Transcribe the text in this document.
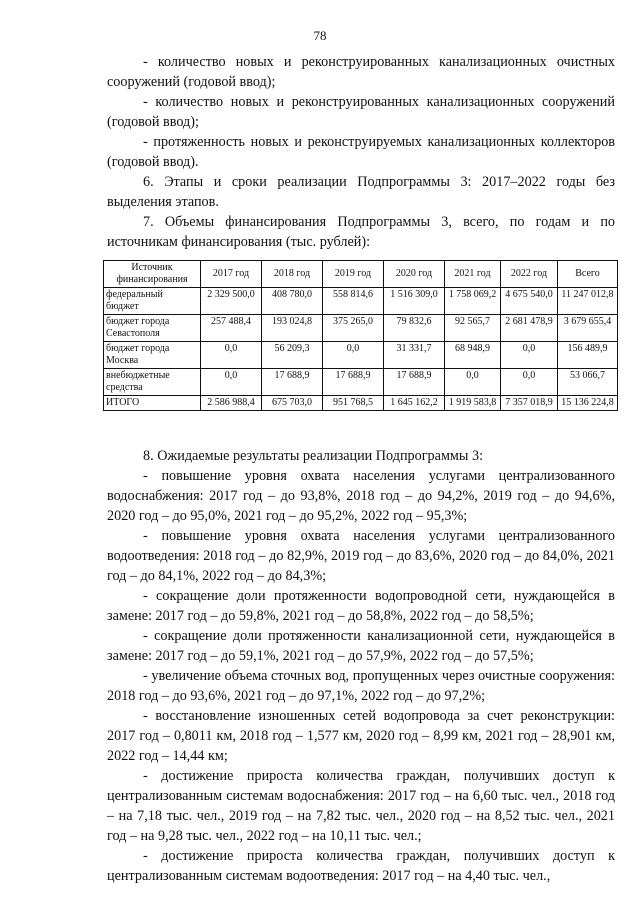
78

- количество новых и реконструированных канализационных очистных сооружений (годовой ввод);

- количество новых и реконструированных канализационных сооружений (годовой ввод);

- протяженность новых и реконструируемых канализационных коллекторов (годовой ввод).

6. Этапы и сроки реализации Подпрограммы 3: 2017–2022 годы без выделения этапов.

7. Объемы финансирования Подпрограммы 3, всего, по годам и по источникам финансирования (тыс. рублей):

Источник финансирования	2017 год	2018 год	2019 год	2020 год	2021 год	2022 год	Всего
федеральный бюджет	2 329 500,0	408 780,0	558 814,6	1 516 309,0	1 758 069,2	4 675 540,0	11 247 012,8
бюджет города Севастополя	257 488,4	193 024,8	375 265,0	79 832,6	92 565,7	2 681 478,9	3 679 655,4
бюджет города Москва	0,0	56 209,3	0,0	31 331,7	68 948,9	0,0	156 489,9
внебюджетные средства	0,0	17 688,9	17 688,9	17 688,9	0,0	0,0	53 066,7
ИТОГО	2 586 988,4	675 703,0	951 768,5	1 645 162,2	1 919 583,8	7 357 018,9	15 136 224,8

8. Ожидаемые результаты реализации Подпрограммы 3:

- повышение уровня охвата населения услугами централизованного водоснабжения: 2017 год – до 93,8%, 2018 год – до 94,2%, 2019 год – до 94,6%, 2020 год – до 95,0%, 2021 год – до 95,2%, 2022 год – 95,3%;

- повышение уровня охвата населения услугами централизованного водоотведения: 2018 год – до 82,9%, 2019 год – до 83,6%, 2020 год – до 84,0%, 2021 год – до 84,1%, 2022 год – до 84,3%;

- сокращение доли протяженности водопроводной сети, нуждающейся в замене: 2017 год – до 59,8%, 2021 год – до 58,8%, 2022 год – до 58,5%;

- сокращение доли протяженности канализационной сети, нуждающейся в замене: 2017 год – до 59,1%, 2021 год – до 57,9%, 2022 год – до 57,5%;

- увеличение объема сточных вод, пропущенных через очистные сооружения: 2018 год – до 93,6%, 2021 год – до 97,1%, 2022 год – до 97,2%;

- восстановление изношенных сетей водопровода за счет реконструкции: 2017 год – 0,8011 км, 2018 год – 1,577 км, 2020 год – 8,99 км, 2021 год – 28,901 км, 2022 год – 14,44 км;

- достижение прироста количества граждан, получивших доступ к централизованным системам водоснабжения: 2017 год – на 6,60 тыс. чел., 2018 год – на 7,18 тыс. чел., 2019 год – на 7,82 тыс. чел., 2020 год – на 8,52 тыс. чел., 2021 год – на 9,28 тыс. чел., 2022 год – на 10,11 тыс. чел.;

- достижение прироста количества граждан, получивших доступ к централизованным системам водоотведения: 2017 год – на 4,40 тыс. чел.,
